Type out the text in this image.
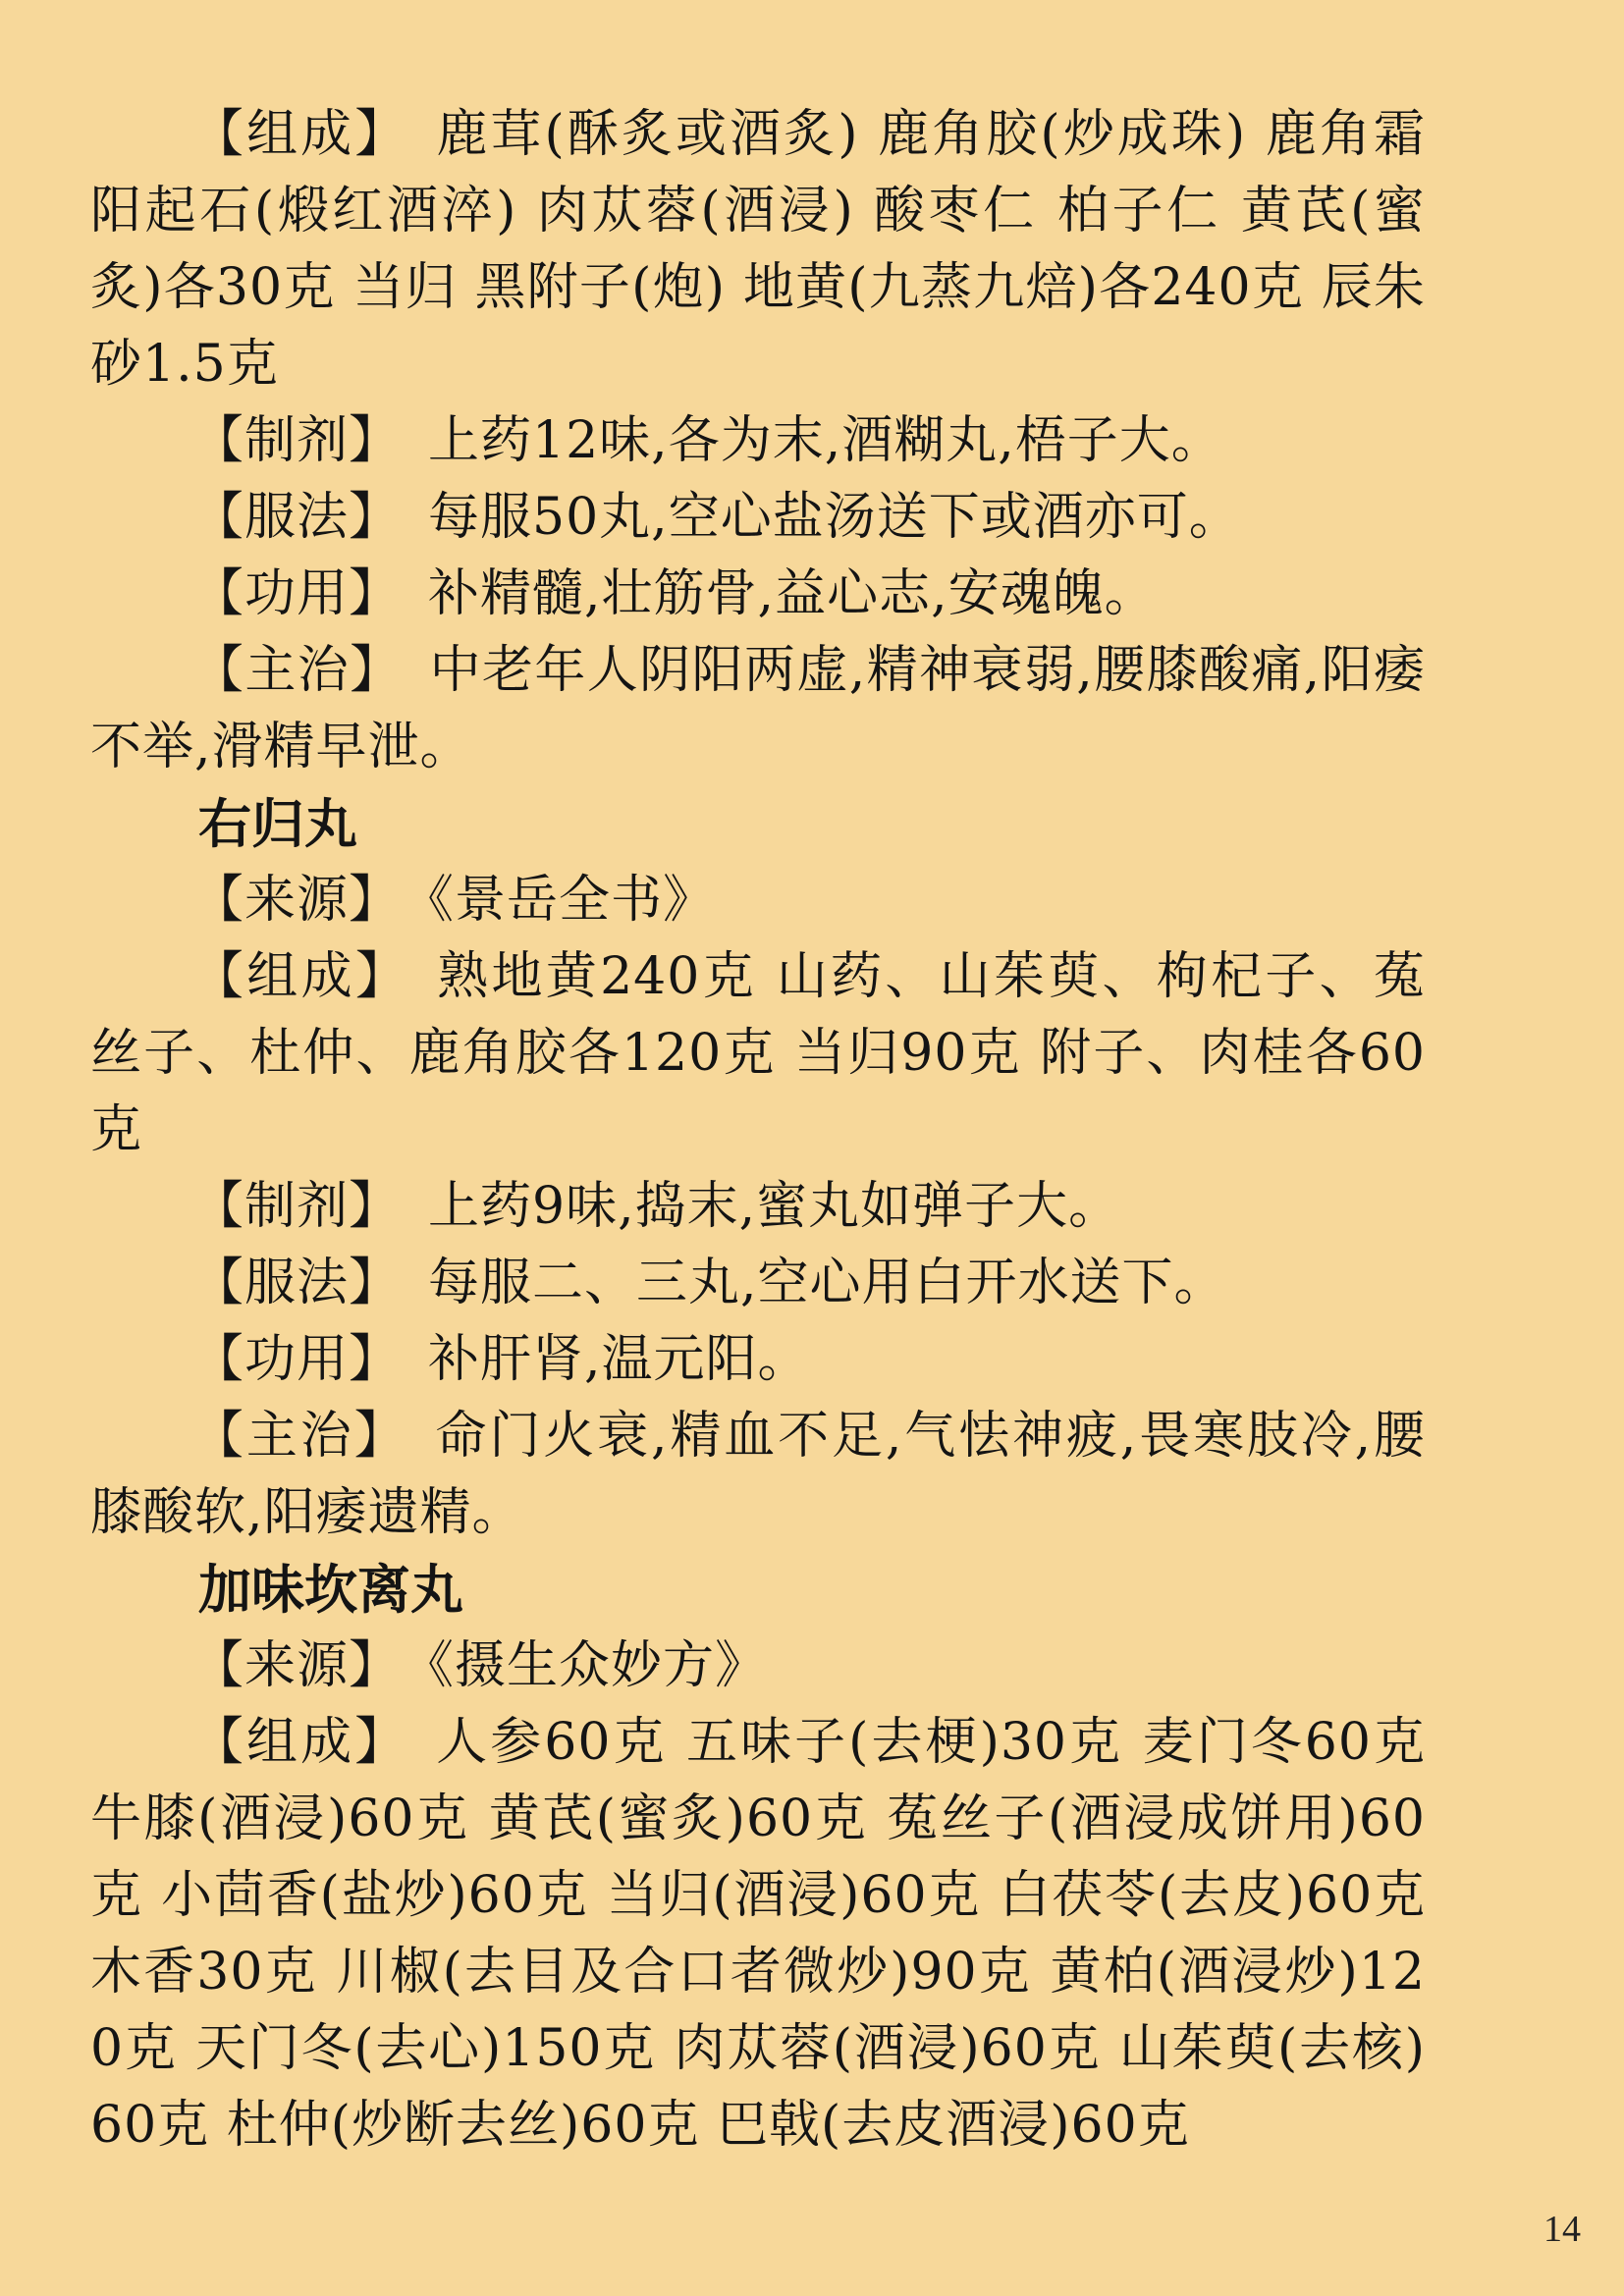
【组成】 鹿茸(酥炙或酒炙) 鹿角胶(炒成珠) 鹿角霜 阳起石(煅红酒淬) 肉苁蓉(酒浸) 酸枣仁 柏子仁 黄芪(蜜炙)各30克 当归 黑附子(炮) 地黄(九蒸九焙)各240克 辰朱砂1.5克

【制剂】 上药12味,各为末,酒糊丸,梧子大。

【服法】 每服50丸,空心盐汤送下或酒亦可。

【功用】 补精髓,壮筋骨,益心志,安魂魄。

【主治】 中老年人阴阳两虚,精神衰弱,腰膝酸痛,阳痿不举,滑精早泄。

右归丸

【来源】 《景岳全书》

【组成】 熟地黄240克 山药、山茱萸、枸杞子、菟丝子、杜仲、鹿角胶各120克 当归90克 附子、肉桂各60克

【制剂】 上药9味,捣末,蜜丸如弹子大。

【服法】 每服二、三丸,空心用白开水送下。

【功用】 补肝肾,温元阳。

【主治】 命门火衰,精血不足,气怯神疲,畏寒肢冷,腰膝酸软,阳痿遗精。

加味坎离丸

【来源】 《摄生众妙方》

【组成】 人参60克 五味子(去梗)30克 麦门冬60克 牛膝(酒浸)60克 黄芪(蜜炙)60克 菟丝子(酒浸成饼用)60克 小茴香(盐炒)60克 当归(酒浸)60克 白茯苓(去皮)60克 木香30克 川椒(去目及合口者微炒)90克 黄柏(酒浸炒)120克 天门冬(去心)150克 肉苁蓉(酒浸)60克 山茱萸(去核)60克 杜仲(炒断去丝)60克 巴戟(去皮酒浸)60克

14
